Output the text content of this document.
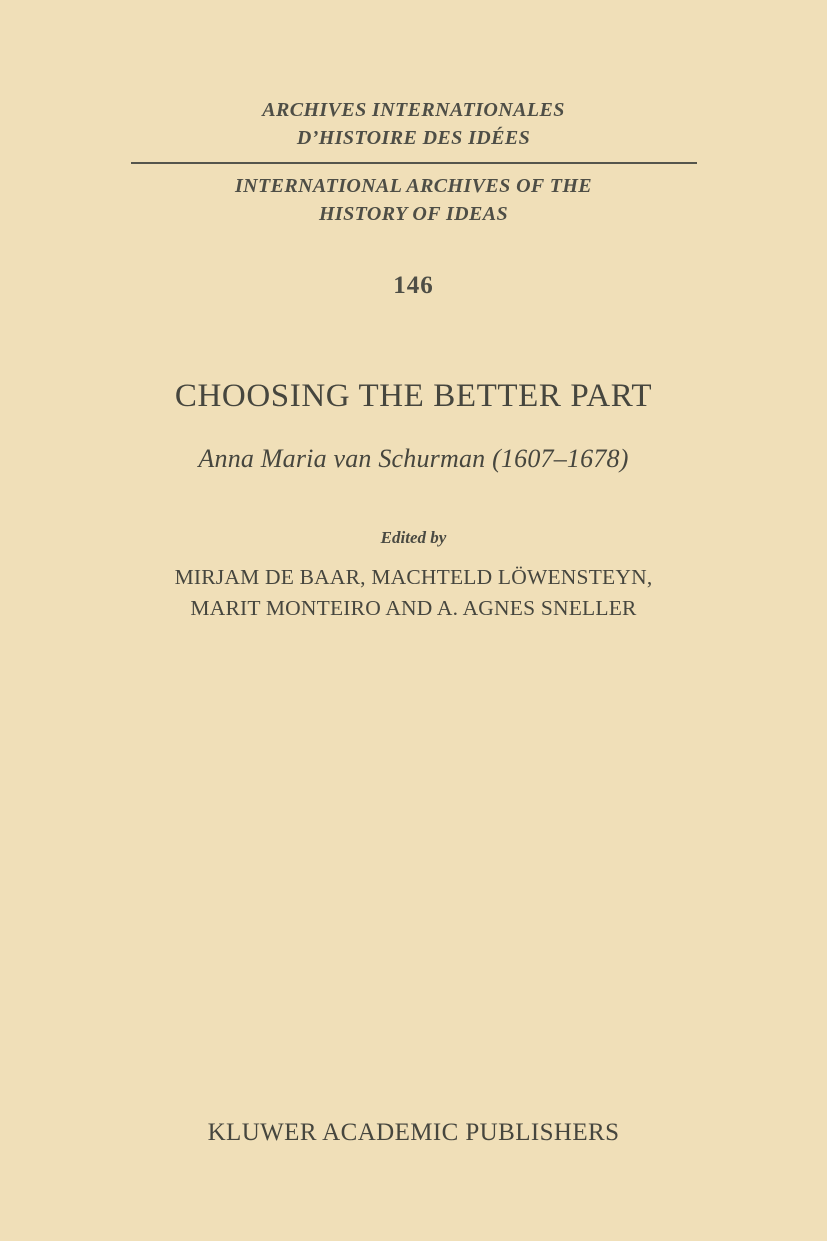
ARCHIVES INTERNATIONALES
D’HISTOIRE DES IDÉES
INTERNATIONAL ARCHIVES OF THE
HISTORY OF IDEAS
146
CHOOSING THE BETTER PART
Anna Maria van Schurman (1607–1678)
Edited by
MIRJAM DE BAAR, MACHTELD LÖWENSTEYN,
MARIT MONTEIRO AND A. AGNES SNELLER
KLUWER ACADEMIC PUBLISHERS
